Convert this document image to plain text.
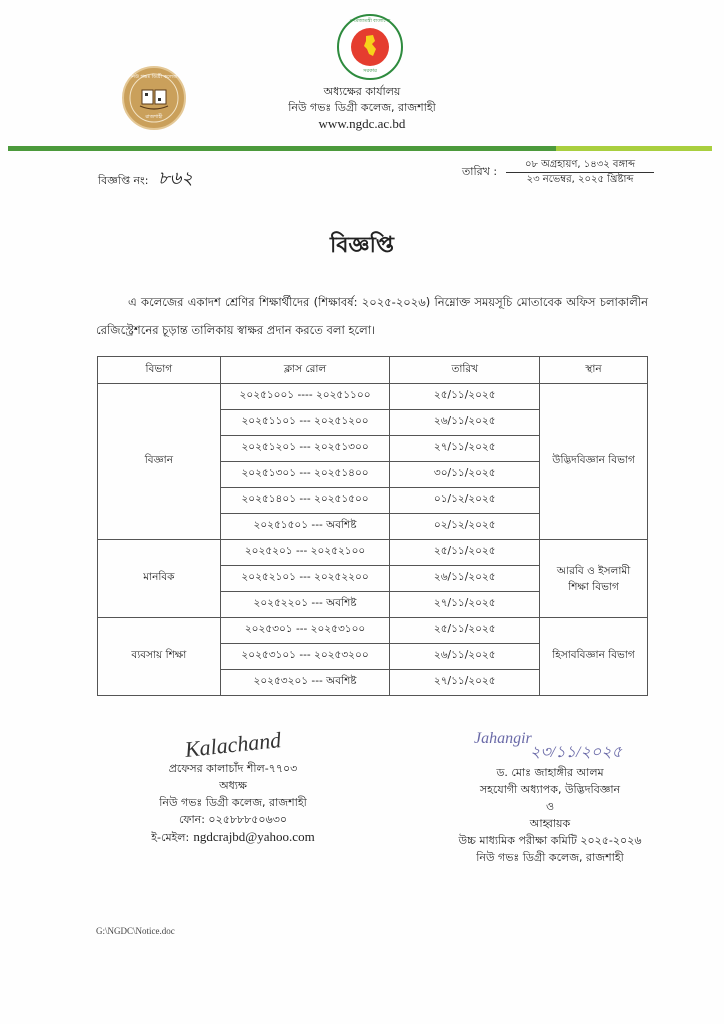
নিউ গভঃ ডিগ্রী কলেজ
রাজশাহী
গণপ্রজাতন্ত্রী বাংলাদেশ
সরকার
অধ্যক্ষের কার্যালয়
নিউ গভঃ ডিগ্রী কলেজ, রাজশাহী
www.ngdc.ac.bd
বিজ্ঞপ্তি নং: ৮৬২	তারিখ :
০৮ অগ্রহায়ণ, ১৪৩২ বঙ্গাব্দ
২৩ নভেম্বর, ২০২৫ খ্রিষ্টাব্দ
বিজ্ঞপ্তি
এ কলেজের একাদশ শ্রেণির শিক্ষার্থীদের (শিক্ষাবর্ষ: ২০২৫-২০২৬) নিম্নোক্ত সময়সূচি মোতাবেক অফিস চলাকালীন রেজিস্ট্রেশনের চূড়ান্ত তালিকায় স্বাক্ষর প্রদান করতে বলা হলো।
বিভাগ	ক্লাস রোল	তারিখ	স্থান
বিজ্ঞান	২০২৫১০০১ ---- ২০২৫১১০০	২৫/১১/২০২৫	উদ্ভিদবিজ্ঞান বিভাগ
	২০২৫১১০১ --- ২০২৫১২০০	২৬/১১/২০২৫	
	২০২৫১২০১ --- ২০২৫১৩০০	২৭/১১/২০২৫	
	২০২৫১৩০১ --- ২০২৫১৪০০	৩০/১১/২০২৫	
	২০২৫১৪০১ --- ২০২৫১৫০০	০১/১২/২০২৫	
	২০২৫১৫০১ --- অবশিষ্ট	০২/১২/২০২৫	
মানবিক	২০২৫২০১ --- ২০২৫২১০০	২৫/১১/২০২৫	আরবি ও ইসলামী শিক্ষা বিভাগ
	২০২৫২১০১ --- ২০২৫২২০০	২৬/১১/২০২৫	
	২০২৫২২০১ --- অবশিষ্ট	২৭/১১/২০২৫	
ব্যবসায় শিক্ষা	২০২৫৩০১ --- ২০২৫৩১০০	২৫/১১/২০২৫	হিসাববিজ্ঞান বিভাগ
	২০২৫৩১০১ --- ২০২৫৩২০০	২৬/১১/২০২৫	
	২০২৫৩২০১ --- অবশিষ্ট	২৭/১১/২০২৫	
Kalachand
প্রফেসর কালাচাঁদ শীল-৭৭০৩
অধ্যক্ষ
নিউ গভঃ ডিগ্রী কলেজ, রাজশাহী
ফোন: ০২৫৮৮৮৫০৬৩০
ই-মেইল: ngdcrajbd@yahoo.com
Jahangir
২৩/১১/২০২৫
ড. মোঃ জাহাঙ্গীর আলম
সহযোগী অধ্যাপক, উদ্ভিদবিজ্ঞান
ও
আহ্বায়ক
উচ্চ মাধ্যমিক পরীক্ষা কমিটি ২০২৫-২০২৬
নিউ গভঃ ডিগ্রী কলেজ, রাজশাহী
G:\NGDC\Notice.doc
